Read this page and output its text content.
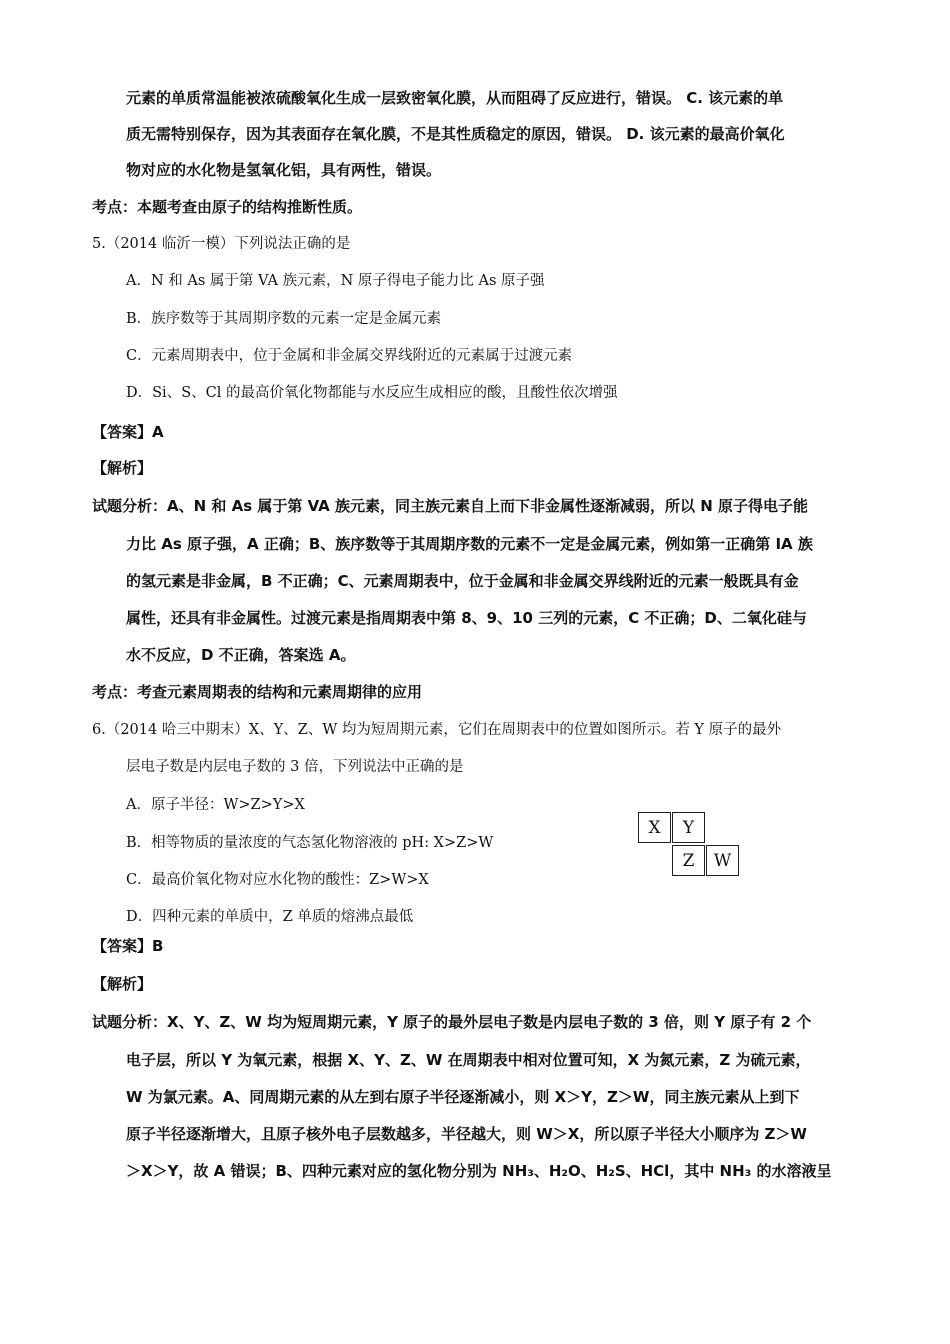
元素的单质常温能被浓硫酸氧化生成一层致密氧化膜，从而阻碍了反应进行，错误。 C. 该元素的单
质无需特别保存，因为其表面存在氧化膜，不是其性质稳定的原因，错误。 D. 该元素的最高价氧化
物对应的水化物是氢氧化铝，具有两性，错误。
考点：本题考查由原子的结构推断性质。
5.（2014 临沂一模）下列说法正确的是
A．N 和 As 属于第 VA 族元素，N 原子得电子能力比 As 原子强
B．族序数等于其周期序数的元素一定是金属元素
C．元素周期表中，位于金属和非金属交界线附近的元素属于过渡元素
D．Si、S、Cl 的最高价氧化物都能与水反应生成相应的酸，且酸性依次增强
【答案】A
【解析】
试题分析：A、N 和 As 属于第 VA 族元素，同主族元素自上而下非金属性逐渐减弱，所以 N 原子得电子能
力比 As 原子强，A 正确；B、族序数等于其周期序数的元素不一定是金属元素，例如第一正确第 IA 族
的氢元素是非金属，B 不正确；C、元素周期表中，位于金属和非金属交界线附近的元素一般既具有金
属性，还具有非金属性。过渡元素是指周期表中第 8、9、10 三列的元素，C 不正确；D、二氧化硅与
水不反应，D 不正确，答案选 A。
考点：考查元素周期表的结构和元素周期律的应用
6.（2014 哈三中期末）X、Y、Z、W 均为短周期元素，它们在周期表中的位置如图所示。若 Y 原子的最外
层电子数是内层电子数的 3 倍，下列说法中正确的是
A．原子半径：W>Z>Y>X
B．相等物质的量浓度的气态氢化物溶液的 pH: X>Z>W
C．最高价氧化物对应水化物的酸性：Z>W>X
D．四种元素的单质中，Z 单质的熔沸点最低
X	Y
Z	W
【答案】B
【解析】
试题分析：X、Y、Z、W 均为短周期元素，Y 原子的最外层电子数是内层电子数的 3 倍，则 Y 原子有 2 个
电子层，所以 Y 为氧元素，根据 X、Y、Z、W 在周期表中相对位置可知，X 为氮元素，Z 为硫元素，
W 为氯元素。A、同周期元素的从左到右原子半径逐渐减小，则 X＞Y，Z＞W，同主族元素从上到下
原子半径逐渐增大，且原子核外电子层数越多，半径越大，则 W＞X，所以原子半径大小顺序为 Z＞W
＞X＞Y，故 A 错误；B、四种元素对应的氢化物分别为 NH₃、H₂O、H₂S、HCl，其中 NH₃ 的水溶液呈
